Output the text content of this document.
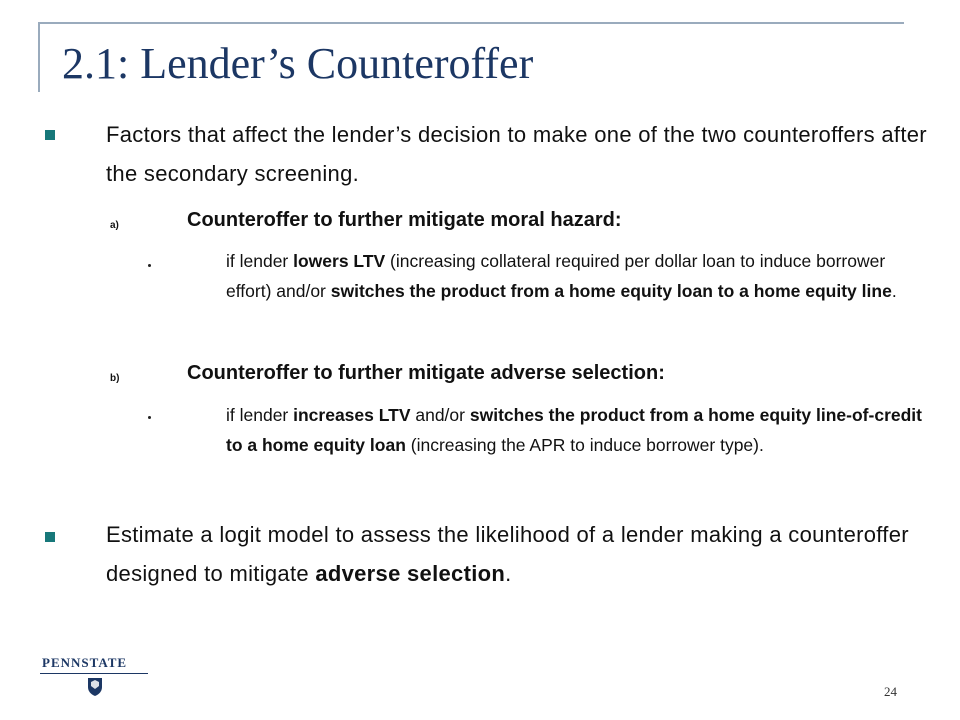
2.1: Lender’s Counteroffer
Factors that affect the lender’s decision to make one of the two counteroffers after the secondary screening.
a)	Counteroffer to further mitigate moral hazard:
if lender lowers LTV (increasing collateral required per dollar loan to induce borrower effort) and/or switches the product from a home equity loan to a home equity line.
b)	Counteroffer to further mitigate adverse selection:
if lender increases LTV and/or switches the product from a home equity line-of-credit to a home equity loan (increasing the APR to induce borrower type).
Estimate a logit model to assess the likelihood of a lender making a counteroffer designed to mitigate adverse selection.
PENNSTATE
24
